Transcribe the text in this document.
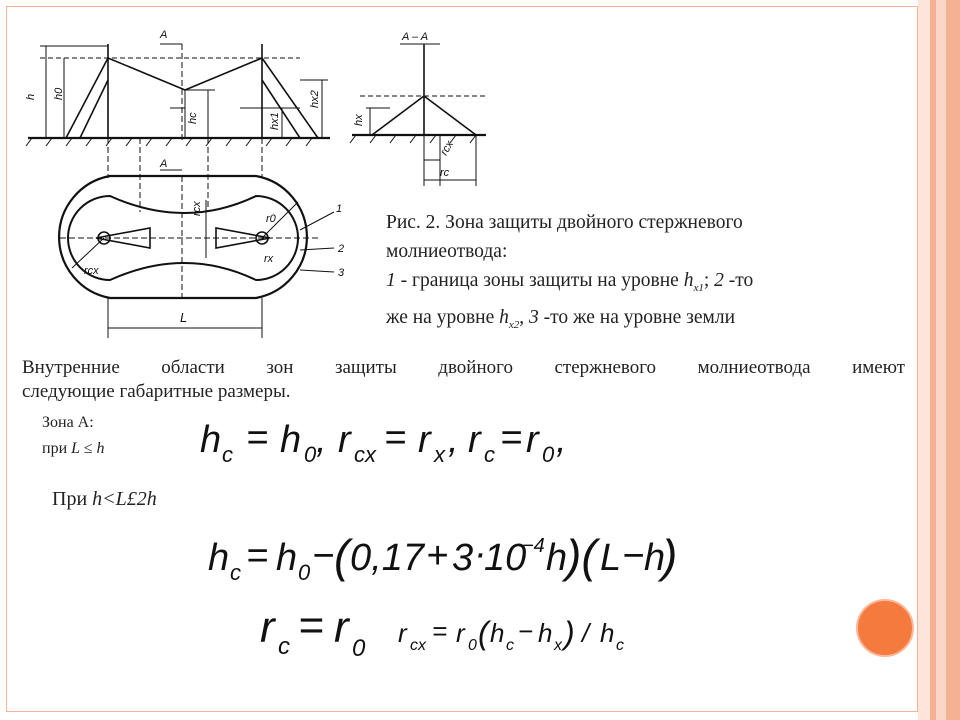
A
A
A – A
h h0
hc	hx1
hx2
hx
rcx
rc
rcx
r0
rx
rcx
L
1
2
3
Рис. 2. Зона защиты двойного стержневого
молниеотвода:
1 - граница зоны защиты на уровне $h_{x1}$; 2 -то
же на уровне $h_{x2}$, 3 -то же на уровне земли
Внутренние области зон защиты двойного стержневого молниеотвода имеют
следующие габаритные размеры.
Зона А:
при L ≤ h	h c = h 0 , r cx = r x , r c = r 0 ,
hc = h0, rcx = rx, rc = r0,
При h<L£2h
h c = h 0 − ( 0,17 + 3 ·
10
−4 h
)( L − h
)
hc = h0 − (0,17 + 3·10⁻⁴h)(L − h)
r c = r 0
rc = r0
r cx = r 0 ( h c − h x ) / h c
rcx = r0(hc − hx) / hc
